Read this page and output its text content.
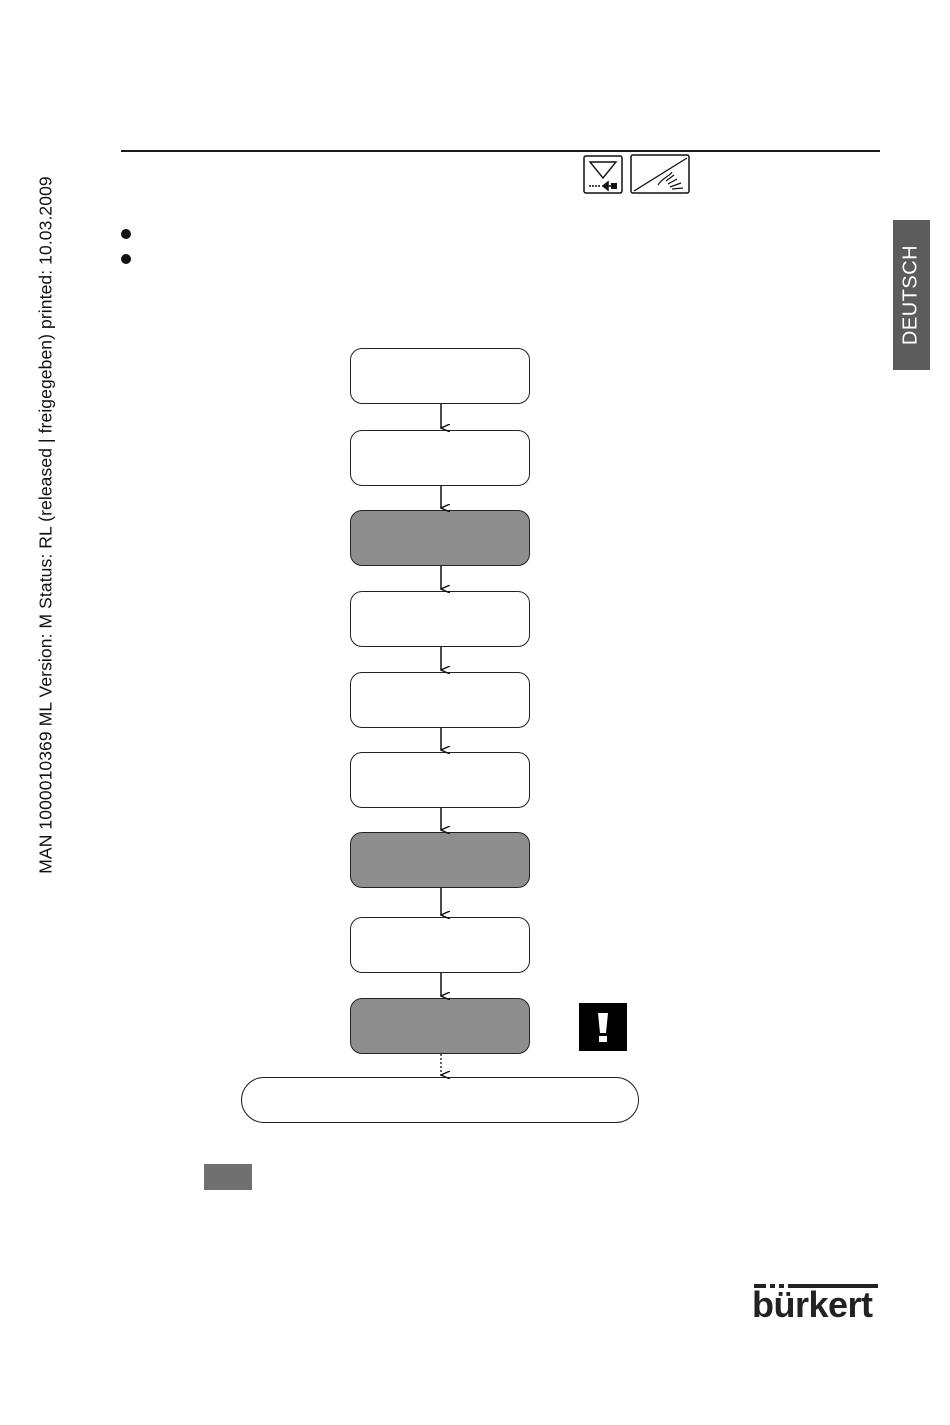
MAN 1000010369 ML Version: M Status: RL (released | freigegeben) printed: 10.03.2009	DEUTSCH
bürkert
